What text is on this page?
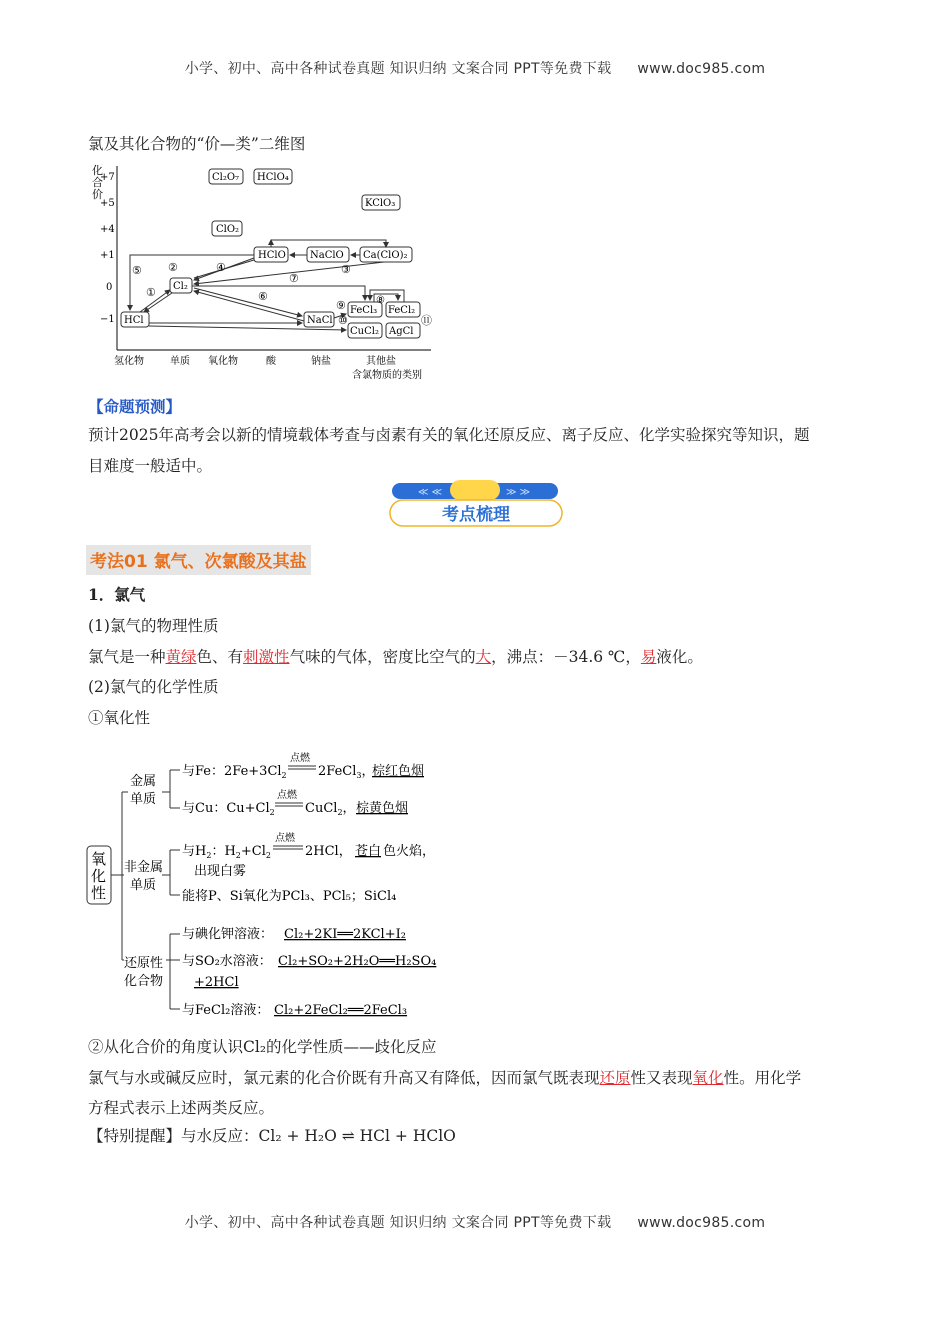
小学、初中、高中各种试卷真题 知识归纳 文案合同 PPT等免费下载 www.doc985.com
小学、初中、高中各种试卷真题 知识归纳 文案合同 PPT等免费下载 www.doc985.com
氯及其化合物的“价—类”二维图
化
合
价
+7
+5
+4
+1
0
−1
氢化物	单质 氧化物	酸	钠盐	其他盐
含氯物质的类别
Cl₂O₇ HClO₄
KClO₃
ClO₂
HClO NaClO Ca(ClO)₂
Cl₂
HCl	NaCl
FeCl₃ FeCl₂
CuCl₂ AgCl
①
②	③
④
⑤
⑥
⑦
⑧
⑨
⑩	⑪
【命题预测】
预计2025年高考会以新的情境载体考查与卤素有关的氧化还原反应、离子反应、化学实验探究等知识，题
目难度一般适中。
≪ ≪	≫ ≫
考点梳理
考法01 氯气、次氯酸及其盐
1．氯气
(1)氯气的物理性质
氯气是一种黄绿色、有刺激性气味的气体，密度比空气的大，沸点：－34.6 ℃，易液化。
(2)氯气的化学性质
①氧化性
氧
化
性
金属
单质
非金属
单质
还原性
化合物
与Fe：$2Fe+3Cl_2$
点燃
2FeCl$_3$，
棕红色烟
与Cu：$Cu+Cl_2$
点燃
CuCl$_2$， 棕黄色烟
与$H_2$：$H_2+Cl_2$
点燃
2HCl， 苍白 色火焰，
出现白雾
能将P、Si氧化为PCl₃、PCl₅；SiCl₄
与碘化钾溶液： Cl₂+2KI══2KCl+I₂
与SO₂水溶液： Cl₂+SO₂+2H₂O══H₂SO₄
+2HCl
与FeCl₂溶液： Cl₂+2FeCl₂══2FeCl₃
②从化合价的角度认识Cl₂的化学性质——歧化反应
氯气与水或碱反应时，氯元素的化合价既有升高又有降低，因而氯气既表现还原性又表现氧化性。用化学
方程式表示上述两类反应。
【特别提醒】与水反应：Cl₂ + H₂O ⇌ HCl + HClO
